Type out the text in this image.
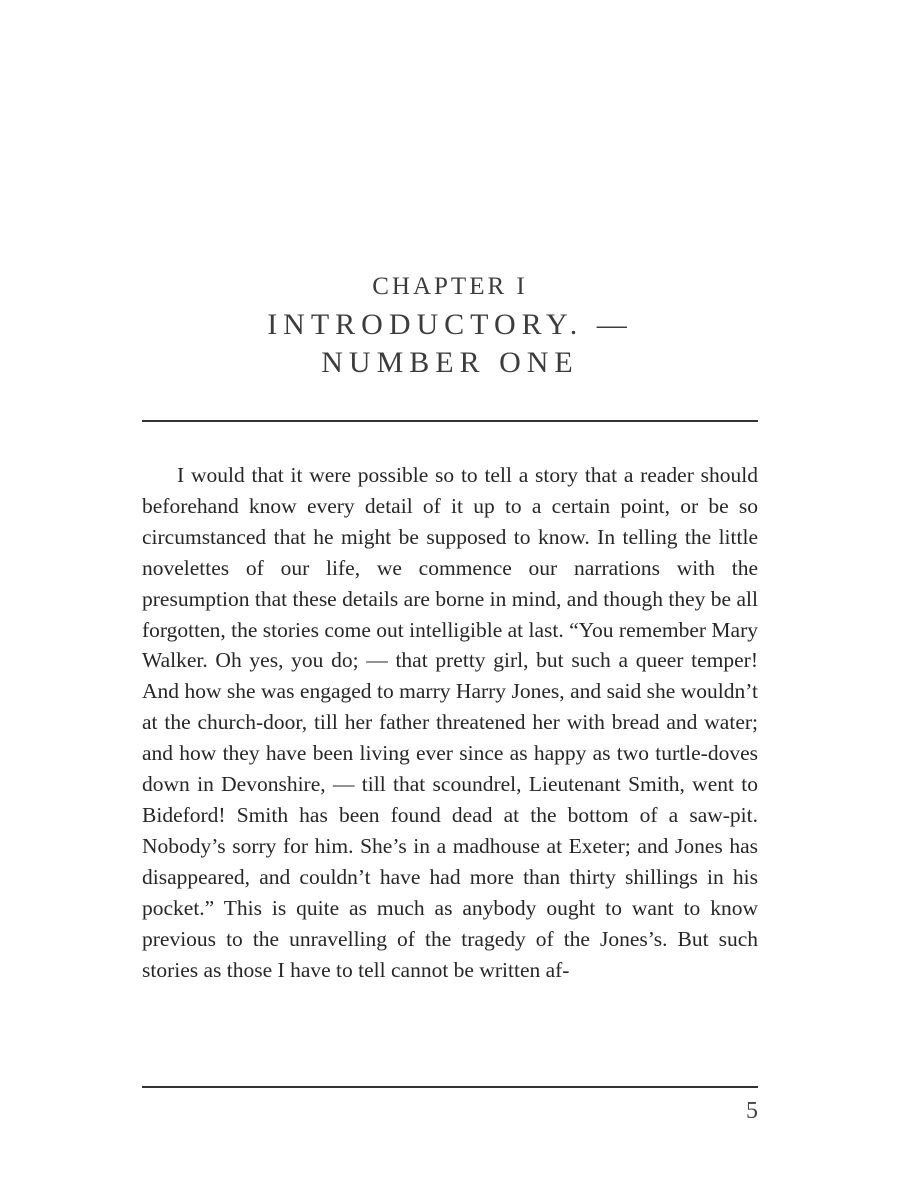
CHAPTER I
INTRODUCTORY. —
NUMBER ONE

I would that it were possible so to tell a story that a reader should beforehand know every detail of it up to a certain point, or be so circumstanced that he might be supposed to know. In telling the little novelettes of our life, we commence our narrations with the presumption that these details are borne in mind, and though they be all forgotten, the stories come out intelligible at last. “You remember Mary Walker. Oh yes, you do; — that pretty girl, but such a queer temper! And how she was engaged to marry Harry Jones, and said she wouldn’t at the church-door, till her father threatened her with bread and water; and how they have been living ever since as happy as two turtle-doves down in Devonshire, — till that scoundrel, Lieutenant Smith, went to Bideford! Smith has been found dead at the bottom of a saw-pit. Nobody’s sorry for him. She’s in a madhouse at Exeter; and Jones has disappeared, and couldn’t have had more than thirty shillings in his pocket.” This is quite as much as anybody ought to want to know previous to the unravelling of the tragedy of the Jones’s. But such stories as those I have to tell cannot be written af-

5
